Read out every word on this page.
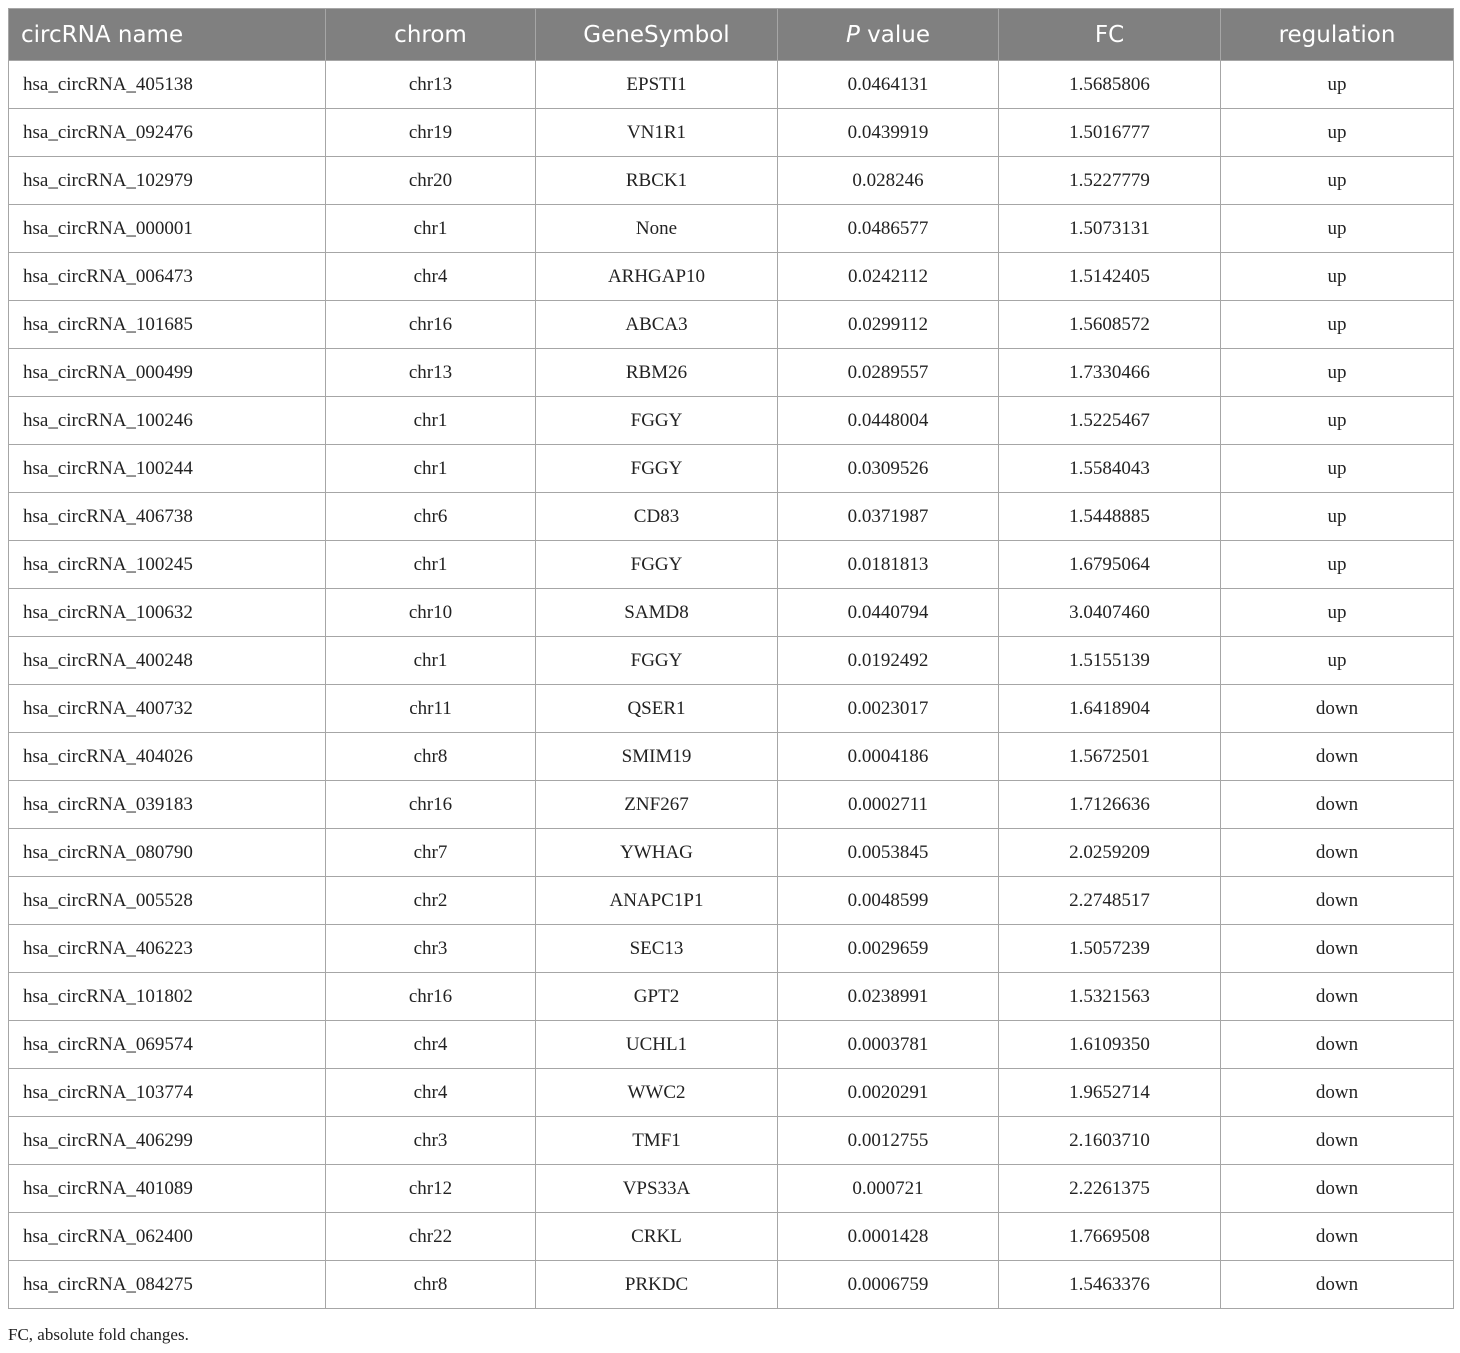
circRNA name	chrom	GeneSymbol	P value	FC	regulation
hsa_circRNA_405138	chr13	EPSTI1	0.0464131	1.5685806	up
hsa_circRNA_092476	chr19	VN1R1	0.0439919	1.5016777	up
hsa_circRNA_102979	chr20	RBCK1	0.028246	1.5227779	up
hsa_circRNA_000001	chr1	None	0.0486577	1.5073131	up
hsa_circRNA_006473	chr4	ARHGAP10	0.0242112	1.5142405	up
hsa_circRNA_101685	chr16	ABCA3	0.0299112	1.5608572	up
hsa_circRNA_000499	chr13	RBM26	0.0289557	1.7330466	up
hsa_circRNA_100246	chr1	FGGY	0.0448004	1.5225467	up
hsa_circRNA_100244	chr1	FGGY	0.0309526	1.5584043	up
hsa_circRNA_406738	chr6	CD83	0.0371987	1.5448885	up
hsa_circRNA_100245	chr1	FGGY	0.0181813	1.6795064	up
hsa_circRNA_100632	chr10	SAMD8	0.0440794	3.0407460	up
hsa_circRNA_400248	chr1	FGGY	0.0192492	1.5155139	up
hsa_circRNA_400732	chr11	QSER1	0.0023017	1.6418904	down
hsa_circRNA_404026	chr8	SMIM19	0.0004186	1.5672501	down
hsa_circRNA_039183	chr16	ZNF267	0.0002711	1.7126636	down
hsa_circRNA_080790	chr7	YWHAG	0.0053845	2.0259209	down
hsa_circRNA_005528	chr2	ANAPC1P1	0.0048599	2.2748517	down
hsa_circRNA_406223	chr3	SEC13	0.0029659	1.5057239	down
hsa_circRNA_101802	chr16	GPT2	0.0238991	1.5321563	down
hsa_circRNA_069574	chr4	UCHL1	0.0003781	1.6109350	down
hsa_circRNA_103774	chr4	WWC2	0.0020291	1.9652714	down
hsa_circRNA_406299	chr3	TMF1	0.0012755	2.1603710	down
hsa_circRNA_401089	chr12	VPS33A	0.000721	2.2261375	down
hsa_circRNA_062400	chr22	CRKL	0.0001428	1.7669508	down
hsa_circRNA_084275	chr8	PRKDC	0.0006759	1.5463376	down
FC, absolute fold changes.
